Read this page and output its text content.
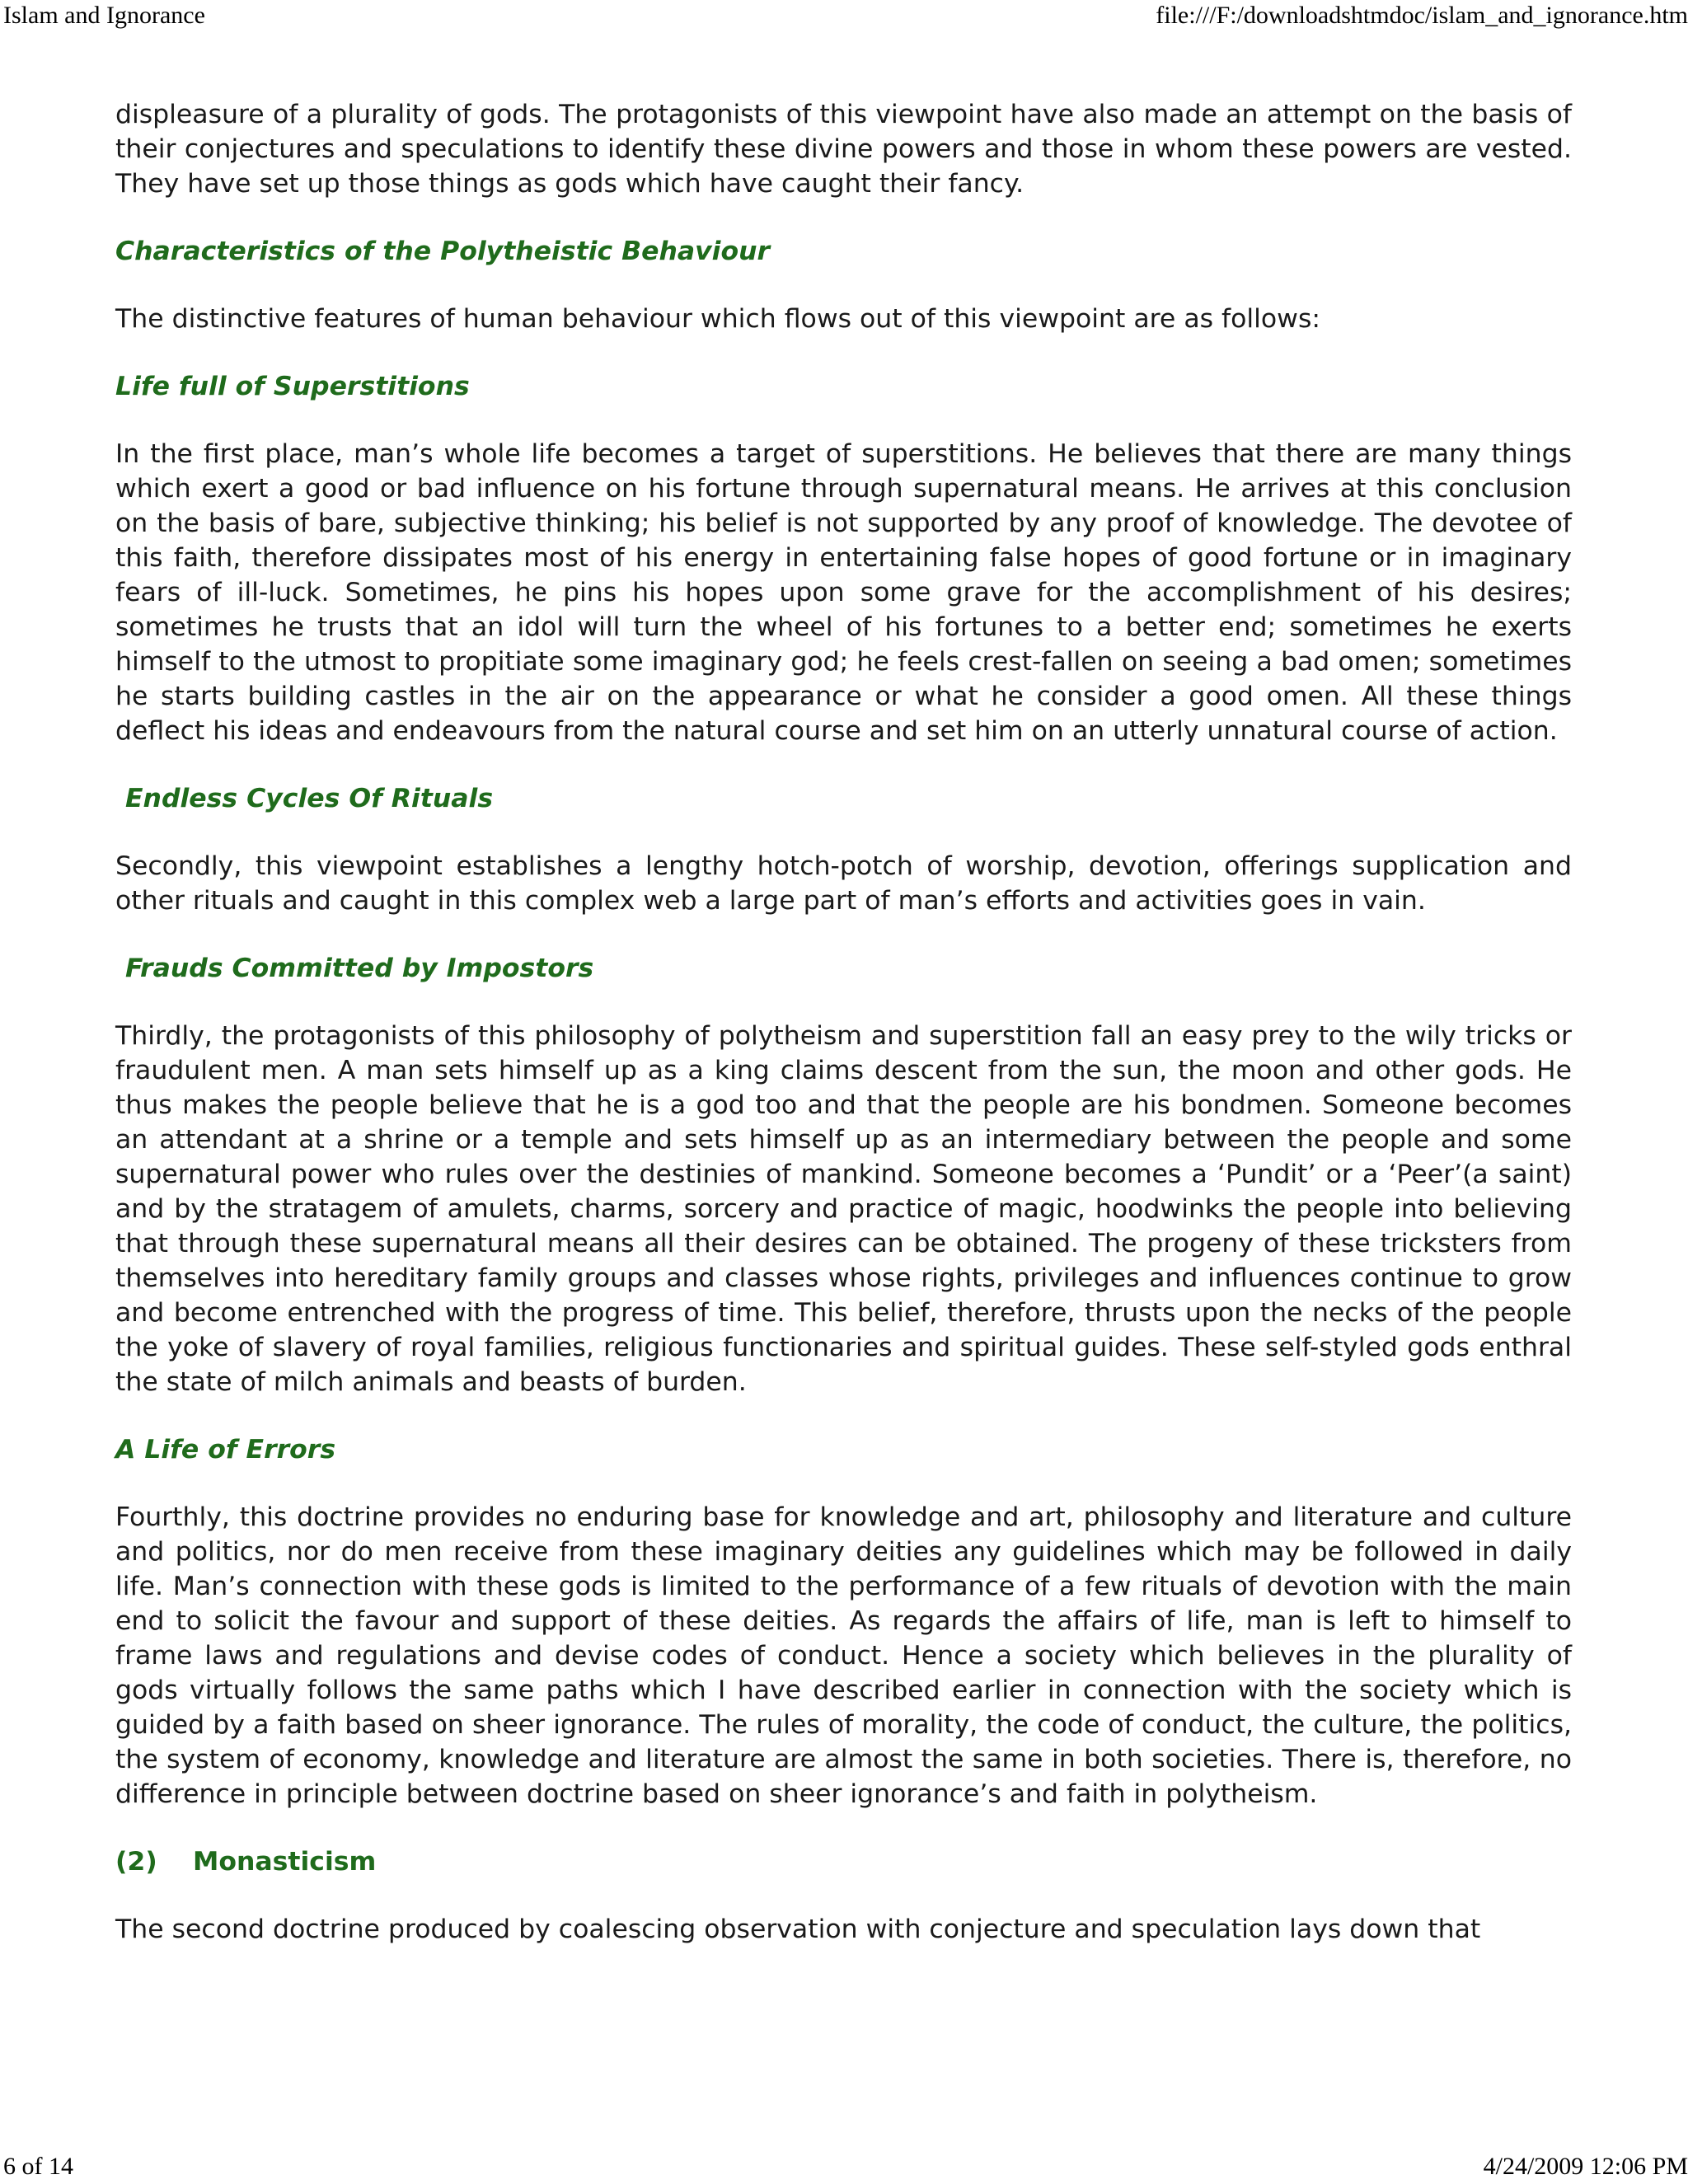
Islam and Ignorance	file:///F:/downloadshtmdoc/islam_and_ignorance.htm

displeasure of a plurality of gods. The protagonists of this viewpoint have also made an attempt on the basis of their conjectures and speculations to identify these divine powers and those in whom these powers are vested. They have set up those things as gods which have caught their fancy.

Characteristics of the Polytheistic Behaviour

The distinctive features of human behaviour which flows out of this viewpoint are as follows:

Life full of Superstitions

In the first place, man’s whole life becomes a target of superstitions. He believes that there are many things which exert a good or bad influence on his fortune through supernatural means. He arrives at this conclusion on the basis of bare, subjective thinking; his belief is not supported by any proof of knowledge. The devotee of this faith, therefore dissipates most of his energy in entertaining false hopes of good fortune or in imaginary fears of ill-luck. Sometimes, he pins his hopes upon some grave for the accomplishment of his desires; sometimes he trusts that an idol will turn the wheel of his fortunes to a better end; sometimes he exerts himself to the utmost to propitiate some imaginary god; he feels crest-fallen on seeing a bad omen; sometimes he starts building castles in the air on the appearance or what he consider a good omen. All these things deflect his ideas and endeavours from the natural course and set him on an utterly unnatural course of action.

Endless Cycles Of Rituals

Secondly, this viewpoint establishes a lengthy hotch-potch of worship, devotion, offerings supplication and other rituals and caught in this complex web a large part of man’s efforts and activities goes in vain.

Frauds Committed by Impostors

Thirdly, the protagonists of this philosophy of polytheism and superstition fall an easy prey to the wily tricks or fraudulent men. A man sets himself up as a king claims descent from the sun, the moon and other gods. He thus makes the people believe that he is a god too and that the people are his bondmen. Someone becomes an attendant at a shrine or a temple and sets himself up as an intermediary between the people and some supernatural power who rules over the destinies of mankind. Someone becomes a ‘Pundit’ or a ‘Peer’(a saint) and by the stratagem of amulets, charms, sorcery and practice of magic, hoodwinks the people into believing that through these supernatural means all their desires can be obtained. The progeny of these tricksters from themselves into hereditary family groups and classes whose rights, privileges and influences continue to grow and become entrenched with the progress of time. This belief, therefore, thrusts upon the necks of the people the yoke of slavery of royal families, religious functionaries and spiritual guides. These self-styled gods enthral the state of milch animals and beasts of burden.

A Life of Errors

Fourthly, this doctrine provides no enduring base for knowledge and art, philosophy and literature and culture and politics, nor do men receive from these imaginary deities any guidelines which may be followed in daily life. Man’s connection with these gods is limited to the performance of a few rituals of devotion with the main end to solicit the favour and support of these deities. As regards the affairs of life, man is left to himself to frame laws and regulations and devise codes of conduct. Hence a society which believes in the plurality of gods virtually follows the same paths which I have described earlier in connection with the society which is guided by a faith based on sheer ignorance. The rules of morality, the code of conduct, the culture, the politics, the system of economy, knowledge and literature are almost the same in both societies. There is, therefore, no difference in principle between doctrine based on sheer ignorance’s and faith in polytheism.

(2) Monasticism

The second doctrine produced by coalescing observation with conjecture and speculation lays down that

6 of 14	4/24/2009 12:06 PM
